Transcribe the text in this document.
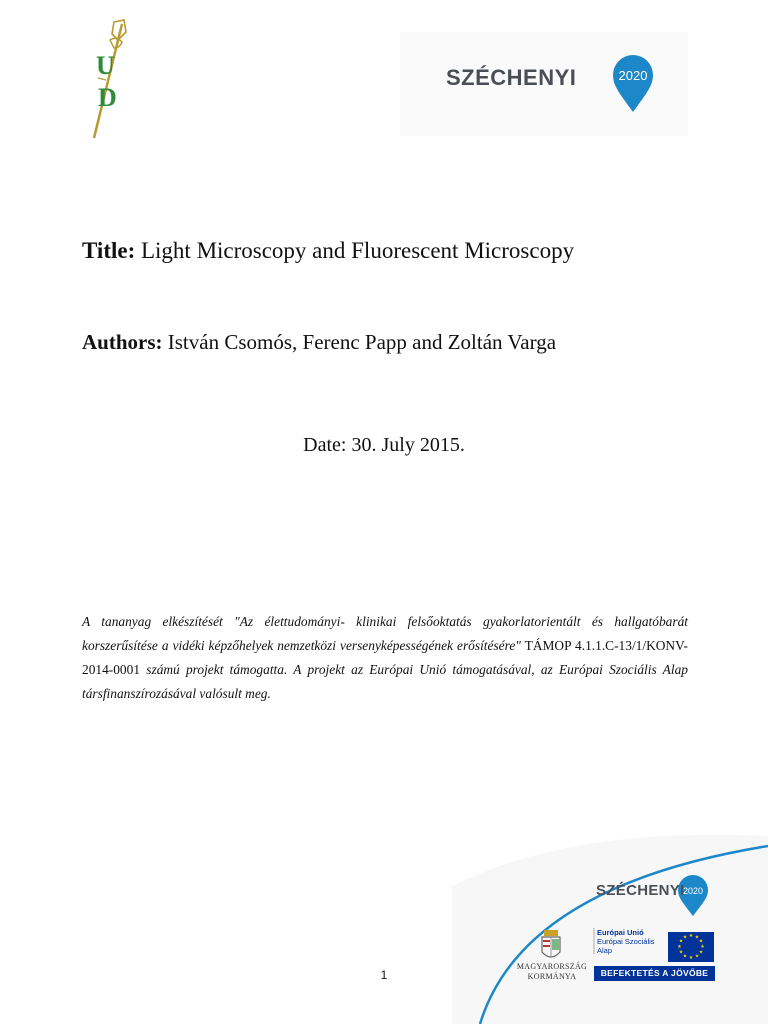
U
D
SZÉCHENYI	2020
Title: Light Microscopy and Fluorescent Microscopy
Authors: István Csomós, Ferenc Papp and Zoltán Varga
Date: 30. July 2015.
A tananyag elkészítését "Az élettudományi- klinikai felsőoktatás gyakorlatorientált és hallgatóbarát korszerűsítése a vidéki képzőhelyek nemzetközi versenyképességének erősítésére" TÁMOP 4.1.1.C-13/1/KONV-2014-0001 számú projekt támogatta. A projekt az Európai Unió támogatásával, az Európai Szociális Alap társfinanszírozásával valósult meg.
1
2020
★ ★
★
★
★
★
★
★
★
★
★
★
SZÉCHENYI
MAGYARORSZÁG
KORMÁNYA
Európai Unió
Európai Szociális
Alap
BEFEKTETÉS A JÖVŐBE
